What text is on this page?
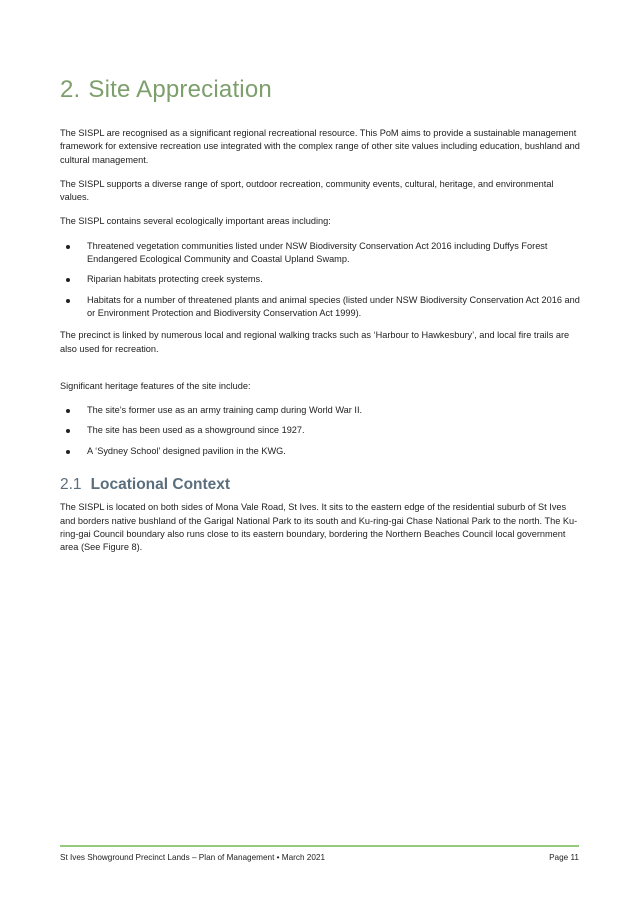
2. Site Appreciation

The SISPL are recognised as a significant regional recreational resource. This PoM aims to provide a sustainable management framework for extensive recreation use integrated with the complex range of other site values including education, bushland and cultural management.

The SISPL supports a diverse range of sport, outdoor recreation, community events, cultural, heritage, and environmental values.

The SISPL contains several ecologically important areas including:

Threatened vegetation communities listed under NSW Biodiversity Conservation Act 2016 including Duffys Forest Endangered Ecological Community and Coastal Upland Swamp.
Riparian habitats protecting creek systems.
Habitats for a number of threatened plants and animal species (listed under NSW Biodiversity Conservation Act 2016 and or Environment Protection and Biodiversity Conservation Act 1999).

The precinct is linked by numerous local and regional walking tracks such as ‘Harbour to Hawkesbury’, and local fire trails are also used for recreation.

Significant heritage features of the site include:

The site’s former use as an army training camp during World War II.
The site has been used as a showground since 1927.
A ‘Sydney School’ designed pavilion in the KWG.
2.1 Locational Context

The SISPL is located on both sides of Mona Vale Road, St Ives. It sits to the eastern edge of the residential suburb of St Ives and borders native bushland of the Garigal National Park to its south and Ku-ring-gai Chase National Park to the north. The Ku-ring-gai Council boundary also runs close to its eastern boundary, bordering the Northern Beaches Council local government area (See Figure 8).

St Ives Showground Precinct Lands – Plan of Management • March 2021	Page 11
